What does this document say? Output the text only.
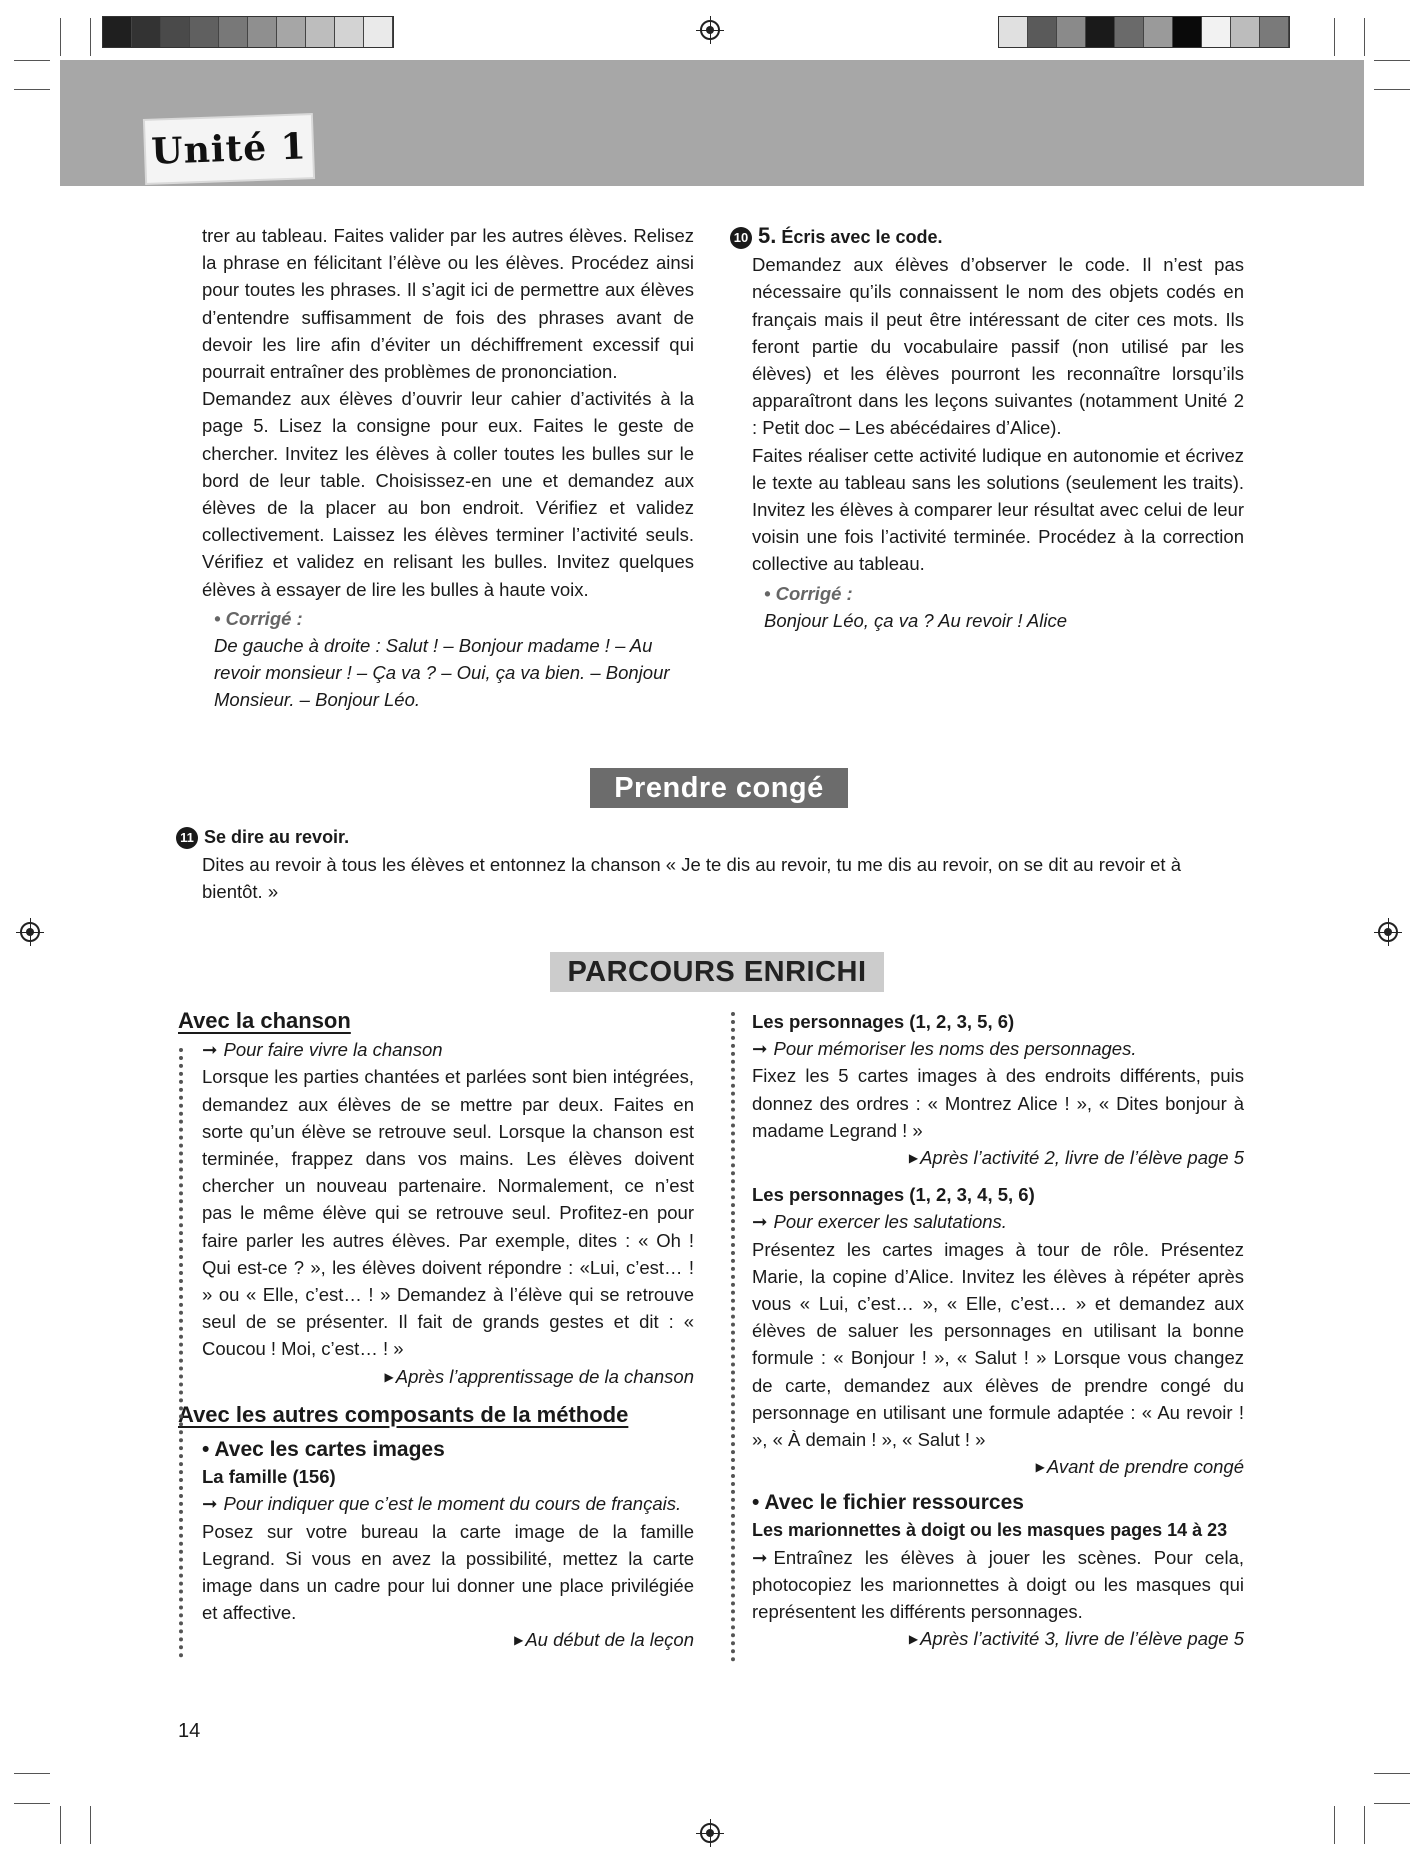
Unité 1

trer au tableau. Faites valider par les autres élèves. Relisez la phrase en félicitant l’élève ou les élèves. Procédez ainsi pour toutes les phrases. Il s’agit ici de permettre aux élèves d’entendre suffisamment de fois des phrases avant de devoir les lire afin d’éviter un déchiffrement excessif qui pourrait entraîner des problèmes de prononciation.

Demandez aux élèves d’ouvrir leur cahier d’activités à la page 5. Lisez la consigne pour eux. Faites le geste de chercher. Invitez les élèves à coller toutes les bulles sur le bord de leur table. Choisissez-en une et demandez aux élèves de la placer au bon endroit. Vérifiez et validez collectivement. Laissez les élèves terminer l’activité seuls. Vérifiez et validez en relisant les bulles. Invitez quelques élèves à essayer de lire les bulles à haute voix.

• Corrigé :

De gauche à droite : Salut ! – Bonjour madame ! – Au revoir monsieur ! – Ça va ? – Oui, ça va bien. – Bonjour Monsieur. – Bonjour Léo.

10 5. Écris avec le code.

Demandez aux élèves d’observer le code. Il n’est pas nécessaire qu’ils connaissent le nom des objets codés en français mais il peut être intéressant de citer ces mots. Ils feront partie du vocabulaire passif (non utilisé par les élèves) et les élèves pourront les reconnaître lorsqu’ils apparaîtront dans les leçons suivantes (notamment Unité 2 : Petit doc – Les abécédaires d’Alice).

Faites réaliser cette activité ludique en autonomie et écrivez le texte au tableau sans les solutions (seulement les traits). Invitez les élèves à comparer leur résultat avec celui de leur voisin une fois l’activité terminée. Procédez à la correction collective au tableau.

• Corrigé :

Bonjour Léo, ça va ? Au revoir ! Alice

Prendre congé

11 Se dire au revoir.

Dites au revoir à tous les élèves et entonnez la chanson « Je te dis au revoir, tu me dis au revoir, on se dit au revoir et à bientôt. »

PARCOURS ENRICHI

Avec la chanson

➞ Pour faire vivre la chanson

Lorsque les parties chantées et parlées sont bien intégrées, demandez aux élèves de se mettre par deux. Faites en sorte qu’un élève se retrouve seul. Lorsque la chanson est terminée, frappez dans vos mains. Les élèves doivent chercher un nouveau partenaire. Normalement, ce n’est pas le même élève qui se retrouve seul. Profitez-en pour faire parler les autres élèves. Par exemple, dites : « Oh ! Qui est-ce ? », les élèves doivent répondre : «Lui, c’est… ! » ou « Elle, c’est… ! » Demandez à l’élève qui se retrouve seul de se présenter. Il fait de grands gestes et dit : « Coucou ! Moi, c’est… ! »

▶ Après l’apprentissage de la chanson

Avec les autres composants de la méthode

• Avec les cartes images

La famille (156)

➞ Pour indiquer que c’est le moment du cours de français.

Posez sur votre bureau la carte image de la famille Legrand. Si vous en avez la possibilité, mettez la carte image dans un cadre pour lui donner une place privilégiée et affective.

▶ Au début de la leçon

Les personnages (1, 2, 3, 5, 6)

➞ Pour mémoriser les noms des personnages.

Fixez les 5 cartes images à des endroits différents, puis donnez des ordres : « Montrez Alice ! », « Dites bonjour à madame Legrand ! »

▶ Après l’activité 2, livre de l’élève page 5

Les personnages (1, 2, 3, 4, 5, 6)

➞ Pour exercer les salutations.

Présentez les cartes images à tour de rôle. Présentez Marie, la copine d’Alice. Invitez les élèves à répéter après vous « Lui, c’est… », « Elle, c’est… » et demandez aux élèves de saluer les personnages en utilisant la bonne formule : « Bonjour ! », « Salut ! » Lorsque vous changez de carte, demandez aux élèves de prendre congé du personnage en utilisant une formule adaptée : « Au revoir ! », « À demain ! », « Salut ! »

▶ Avant de prendre congé

• Avec le fichier ressources

Les marionnettes à doigt ou les masques pages 14 à 23

➞ Entraînez les élèves à jouer les scènes. Pour cela, photocopiez les marionnettes à doigt ou les masques qui représentent les différents personnages.

▶ Après l’activité 3, livre de l’élève page 5

14
